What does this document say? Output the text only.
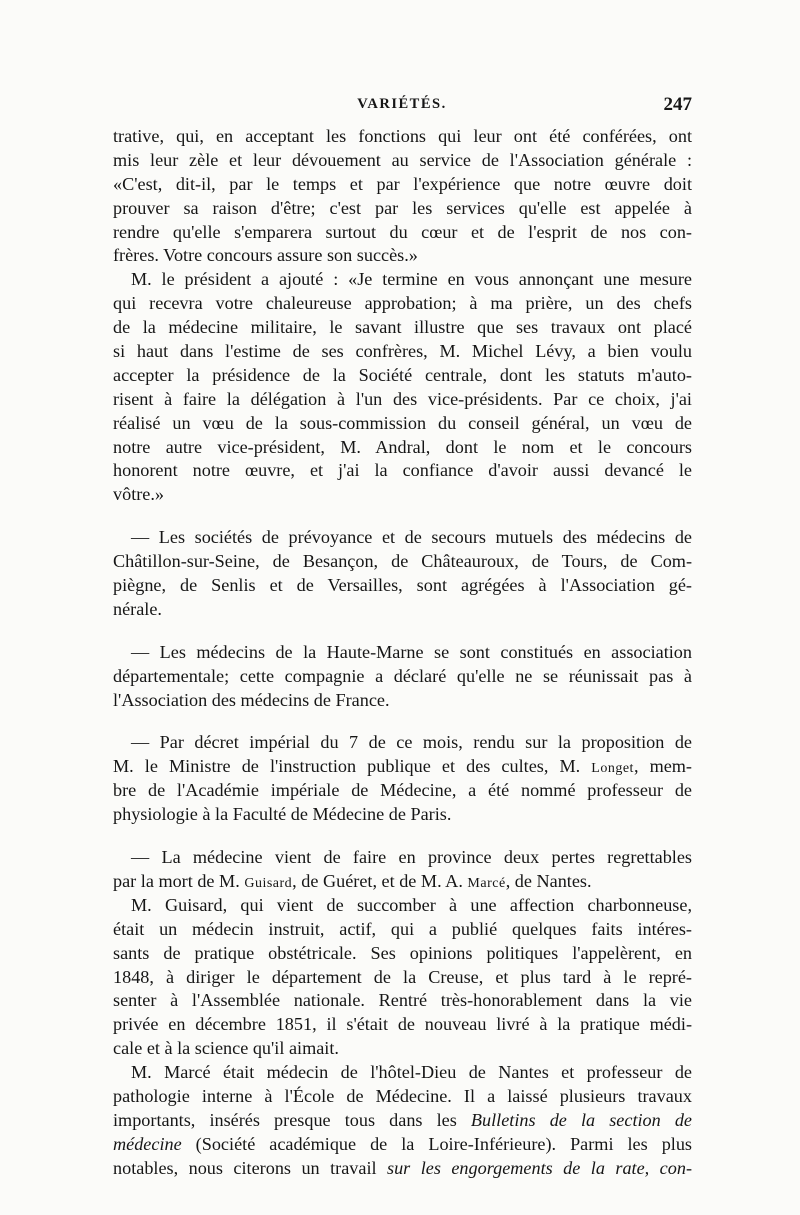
VARIÉTÉS.	247
trative, qui, en acceptant les fonctions qui leur ont été conférées, ont
mis leur zèle et leur dévouement au service de l'Association générale :
«C'est, dit-il, par le temps et par l'expérience que notre œuvre doit
prouver sa raison d'être; c'est par les services qu'elle est appelée à
rendre qu'elle s'emparera surtout du cœur et de l'esprit de nos con-
frères. Votre concours assure son succès.»
M. le président a ajouté : «Je termine en vous annonçant une mesure
qui recevra votre chaleureuse approbation; à ma prière, un des chefs
de la médecine militaire, le savant illustre que ses travaux ont placé
si haut dans l'estime de ses confrères, M. Michel Lévy, a bien voulu
accepter la présidence de la Société centrale, dont les statuts m'auto-
risent à faire la délégation à l'un des vice-présidents. Par ce choix, j'ai
réalisé un vœu de la sous-commission du conseil général, un vœu de
notre autre vice-président, M. Andral, dont le nom et le concours
honorent notre œuvre, et j'ai la confiance d'avoir aussi devancé le
vôtre.»
— Les sociétés de prévoyance et de secours mutuels des médecins de
Châtillon-sur-Seine, de Besançon, de Châteauroux, de Tours, de Com-
piègne, de Senlis et de Versailles, sont agrégées à l'Association gé-
nérale.
— Les médecins de la Haute-Marne se sont constitués en association
départementale; cette compagnie a déclaré qu'elle ne se réunissait pas à
l'Association des médecins de France.
— Par décret impérial du 7 de ce mois, rendu sur la proposition de
M. le Ministre de l'instruction publique et des cultes, M. Longet, mem-
bre de l'Académie impériale de Médecine, a été nommé professeur de
physiologie à la Faculté de Médecine de Paris.
— La médecine vient de faire en province deux pertes regrettables
par la mort de M. Guisard, de Guéret, et de M. A. Marcé, de Nantes.
M. Guisard, qui vient de succomber à une affection charbonneuse,
était un médecin instruit, actif, qui a publié quelques faits intéres-
sants de pratique obstétricale. Ses opinions politiques l'appelèrent, en
1848, à diriger le département de la Creuse, et plus tard à le repré-
senter à l'Assemblée nationale. Rentré très-honorablement dans la vie
privée en décembre 1851, il s'était de nouveau livré à la pratique médi-
cale et à la science qu'il aimait.
M. Marcé était médecin de l'hôtel-Dieu de Nantes et professeur de
pathologie interne à l'École de Médecine. Il a laissé plusieurs travaux
importants, insérés presque tous dans les Bulletins de la section de
médecine (Société académique de la Loire-Inférieure). Parmi les plus
notables, nous citerons un travail sur les engorgements de la rate, con-
